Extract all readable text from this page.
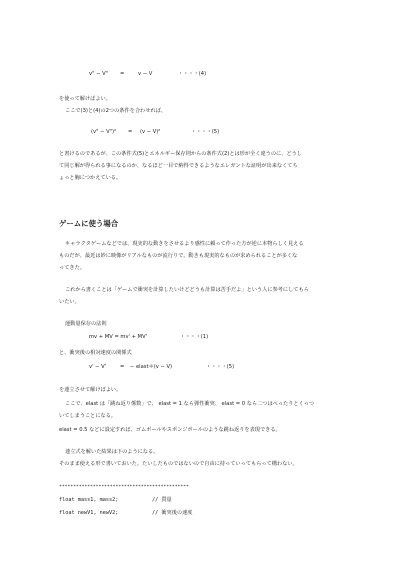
v" − V" =	v − V	・・・・(4)
を使って解けばよい。
ここで(3)と(4)の2つの条件を合わせれば、
(v" − V")² = (v − V)²	・・・・(5)
と書けるのであるが、この条件式(5)とエネルギー保存則からの条件式(2)とは形が全く違うのに、どうし
て同じ解が得られる事になるのか、なるほど一目で納得できるようなエレガントな証明が出来なくてち
ょっと胸につかえている。
ゲームに使う場合
キャラクタゲームなどでは、現実的な動きをさせるより感性に頼って作った方が逆に本物らしく見える
ものだが、最近は妙に映像がリアルなものが流行りで、動きも現実的なものが求められることが多くな
ってきた。
これから書くことは「ゲームで衝突を計算したいけどどうも計算は苦手だよ」という人に参考にしてもら
いたい。
運動量保存の法則
mv + MV = mv' + MV'	・・・・(1)
と、衝突後の相対速度の関係式
v' − V'	= − elast＊(v − V)	・・・・(5)
を連立させて解けばよい。
ここで、elast は「跳ね返り係数」で、 elast = 1 なら弾性衝突、 elast = 0 なら二つはべったりとくっつ
いてしまうことになる。
elast = 0.5 などに設定すれば、ゴムボールやスポンジボールのような跳ね返りを表現できる。
連立式を解いた結果は下のようになる。
そのまま使える形で書いておいた。たいしたものではないので自由に持っていってもらって構わない。
**********************************************
float mass1, mass2;	// 質量
float newV1, newV2;	// 衝突後の速度
